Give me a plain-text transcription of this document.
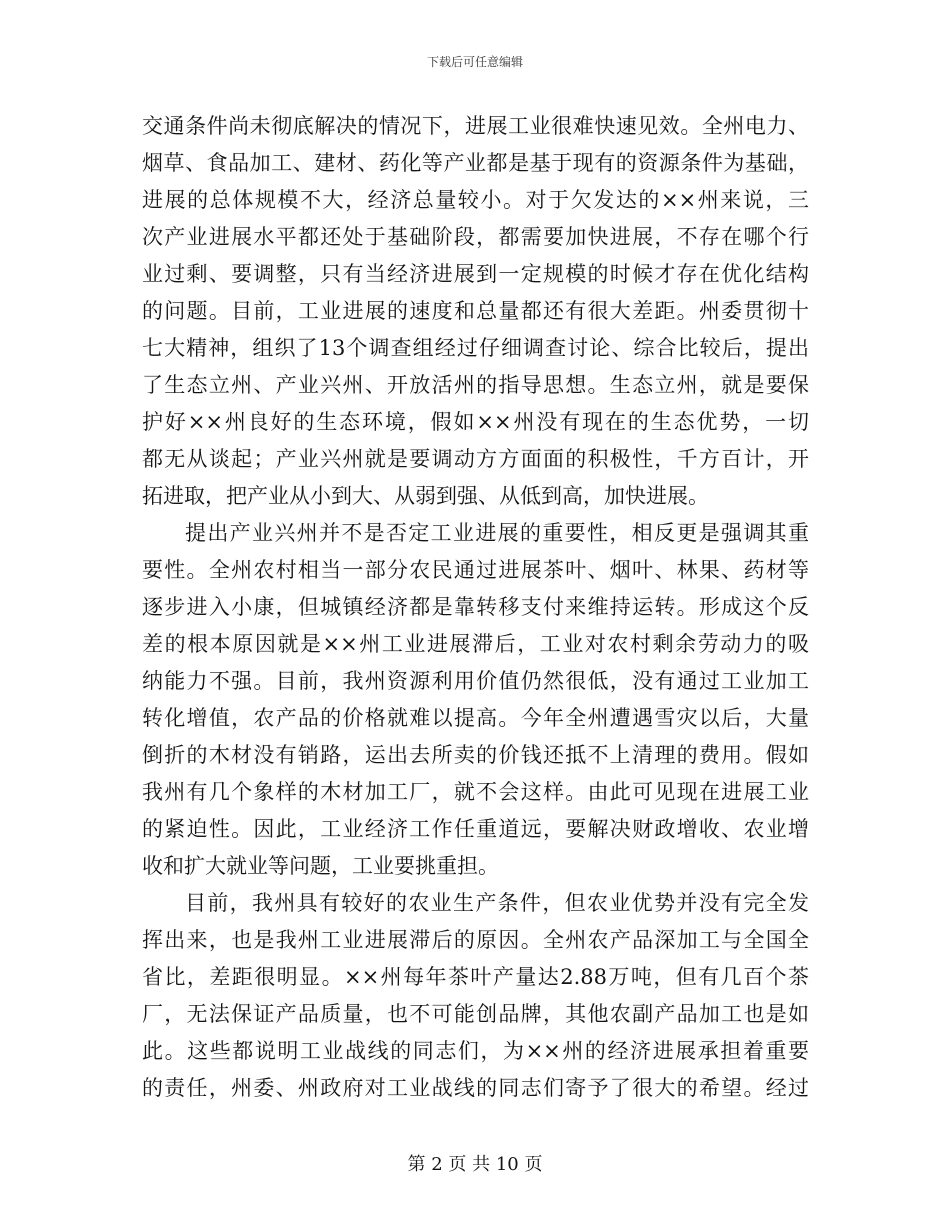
下载后可任意编辑
交通条件尚未彻底解决的情况下，进展工业很难快速见效。全州电力、
烟草、食品加工、建材、药化等产业都是基于现有的资源条件为基础，
进展的总体规模不大，经济总量较小。对于欠发达的××州来说，三
次产业进展水平都还处于基础阶段，都需要加快进展，不存在哪个行
业过剩、要调整，只有当经济进展到一定规模的时候才存在优化结构
的问题。目前，工业进展的速度和总量都还有很大差距。州委贯彻十
七大精神，组织了13个调查组经过仔细调查讨论、综合比较后，提出
了生态立州、产业兴州、开放活州的指导思想。生态立州，就是要保
护好××州良好的生态环境，假如××州没有现在的生态优势，一切
都无从谈起；产业兴州就是要调动方方面面的积极性，千方百计，开
拓进取，把产业从小到大、从弱到强、从低到高，加快进展。
提出产业兴州并不是否定工业进展的重要性，相反更是强调其重
要性。全州农村相当一部分农民通过进展茶叶、烟叶、林果、药材等
逐步进入小康，但城镇经济都是靠转移支付来维持运转。形成这个反
差的根本原因就是××州工业进展滞后，工业对农村剩余劳动力的吸
纳能力不强。目前，我州资源利用价值仍然很低，没有通过工业加工
转化增值，农产品的价格就难以提高。今年全州遭遇雪灾以后，大量
倒折的木材没有销路，运出去所卖的价钱还抵不上清理的费用。假如
我州有几个象样的木材加工厂，就不会这样。由此可见现在进展工业
的紧迫性。因此，工业经济工作任重道远，要解决财政增收、农业增
收和扩大就业等问题，工业要挑重担。
目前，我州具有较好的农业生产条件，但农业优势并没有完全发
挥出来，也是我州工业进展滞后的原因。全州农产品深加工与全国全
省比，差距很明显。××州每年茶叶产量达2.88万吨，但有几百个茶
厂，无法保证产品质量，也不可能创品牌，其他农副产品加工也是如
此。这些都说明工业战线的同志们，为××州的经济进展承担着重要
的责任，州委、州政府对工业战线的同志们寄予了很大的希望。经过
第 2 页 共 10 页
